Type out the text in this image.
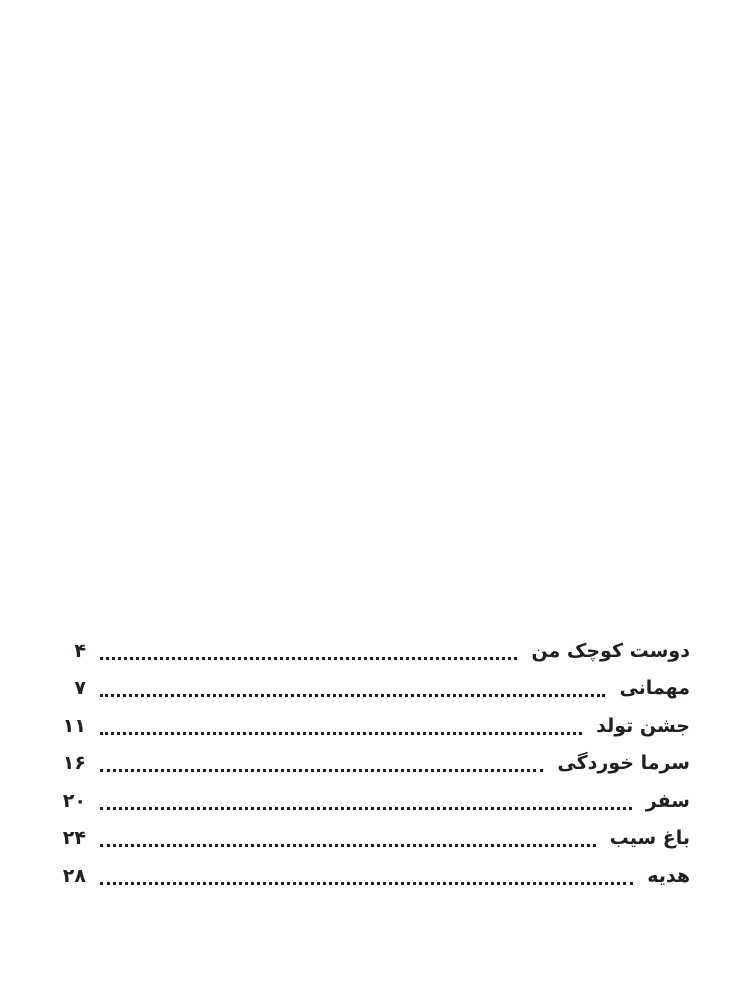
دوست کوچک من
۴
مهمانی
۷
جشن تولد
۱۱
سرما خوردگی
۱۶
سفر
۲۰
باغ سیب
۲۴
هدیه
۲۸
